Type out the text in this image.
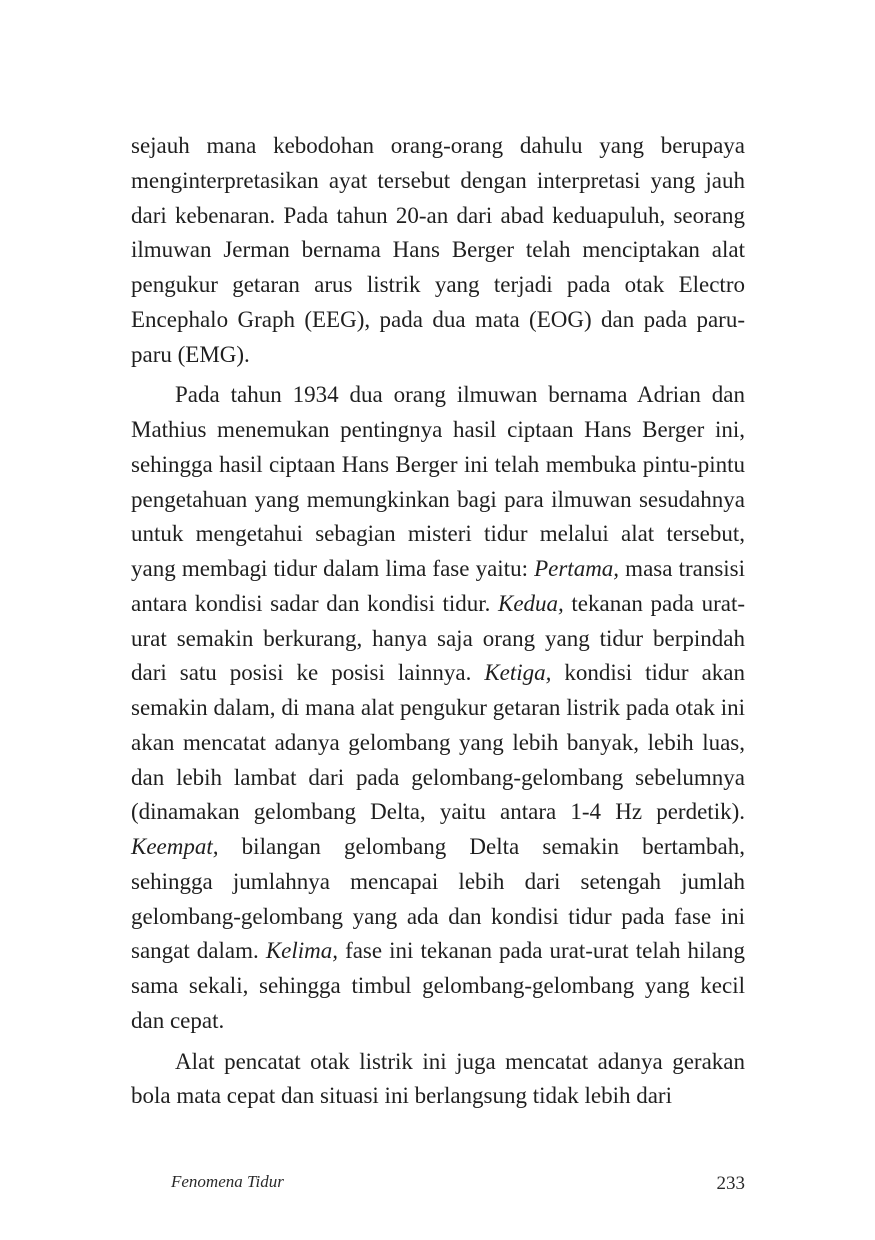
sejauh mana kebodohan orang-orang dahulu yang berupaya menginterpretasikan ayat tersebut dengan interpretasi yang jauh dari kebenaran. Pada tahun 20-an dari abad keduapuluh, seorang ilmuwan Jerman bernama Hans Berger telah menciptakan alat pengukur getaran arus listrik yang terjadi pada otak Electro Encephalo Graph (EEG), pada dua mata (EOG) dan pada paru-paru (EMG).

Pada tahun 1934 dua orang ilmuwan bernama Adrian dan Mathius menemukan pentingnya hasil ciptaan Hans Berger ini, sehingga hasil ciptaan Hans Berger ini telah membuka pintu-pintu pengetahuan yang memungkinkan bagi para ilmuwan sesudahnya untuk mengetahui sebagian misteri tidur melalui alat tersebut, yang membagi tidur dalam lima fase yaitu: Pertama, masa transisi antara kondisi sadar dan kondisi tidur. Kedua, tekanan pada urat-urat semakin berkurang, hanya saja orang yang tidur berpindah dari satu posisi ke posisi lainnya. Ketiga, kondisi tidur akan semakin dalam, di mana alat pengukur getaran listrik pada otak ini akan mencatat adanya gelombang yang lebih banyak, lebih luas, dan lebih lambat dari pada gelombang-gelombang sebelumnya (dinamakan gelombang Delta, yaitu antara 1-4 Hz perdetik). Keempat, bilangan gelombang Delta semakin bertambah, sehingga jumlahnya mencapai lebih dari setengah jumlah gelombang-gelombang yang ada dan kondisi tidur pada fase ini sangat dalam. Kelima, fase ini tekanan pada urat-urat telah hilang sama sekali, sehingga timbul gelombang-gelombang yang kecil dan cepat.

Alat pencatat otak listrik ini juga mencatat adanya gerakan bola mata cepat dan situasi ini berlangsung tidak lebih dari

Fenomena Tidur	233
